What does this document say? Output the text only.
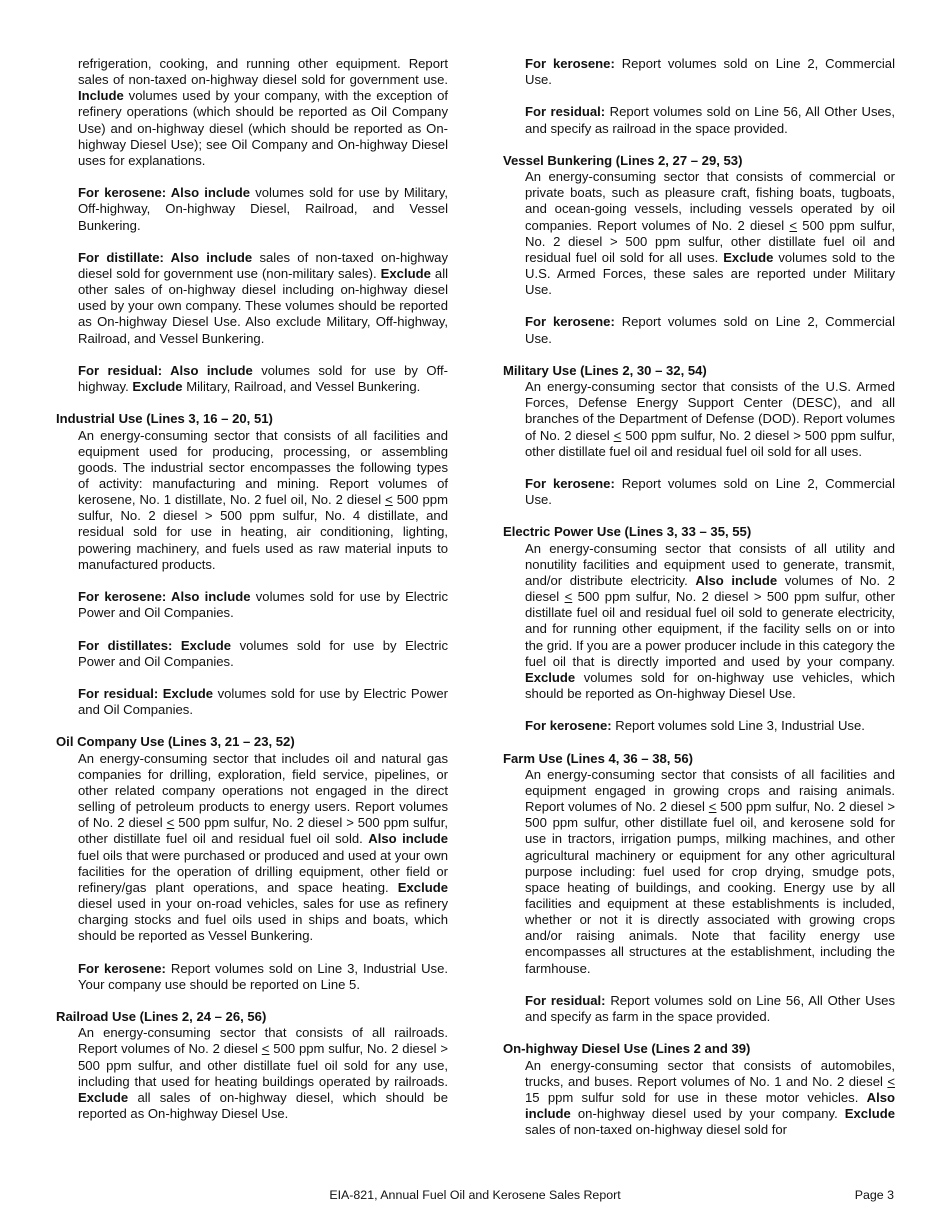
refrigeration, cooking, and running other equipment. Report sales of non-taxed on-highway diesel sold for government use. Include volumes used by your company, with the exception of refinery operations (which should be reported as Oil Company Use) and on-highway diesel (which should be reported as On-highway Diesel Use); see Oil Company and On-highway Diesel uses for explanations.

For kerosene: Also include volumes sold for use by Military, Off-highway, On-highway Diesel, Railroad, and Vessel Bunkering.

For distillate: Also include sales of non-taxed on-highway diesel sold for government use (non-military sales). Exclude all other sales of on-highway diesel including on-highway diesel used by your own company. These volumes should be reported as On-highway Diesel Use. Also exclude Military, Off-highway, Railroad, and Vessel Bunkering.

For residual: Also include volumes sold for use by Off-highway. Exclude Military, Railroad, and Vessel Bunkering.

Industrial Use (Lines 3, 16 – 20, 51)

An energy-consuming sector that consists of all facilities and equipment used for producing, processing, or assembling goods. The industrial sector encompasses the following types of activity: manufacturing and mining. Report volumes of kerosene, No. 1 distillate, No. 2 fuel oil, No. 2 diesel < 500 ppm sulfur, No. 2 diesel > 500 ppm sulfur, No. 4 distillate, and residual sold for use in heating, air conditioning, lighting, powering machinery, and fuels used as raw material inputs to manufactured products.

For kerosene: Also include volumes sold for use by Electric Power and Oil Companies.

For distillates: Exclude volumes sold for use by Electric Power and Oil Companies.

For residual: Exclude volumes sold for use by Electric Power and Oil Companies.

Oil Company Use (Lines 3, 21 – 23, 52)

An energy-consuming sector that includes oil and natural gas companies for drilling, exploration, field service, pipelines, or other related company operations not engaged in the direct selling of petroleum products to energy users. Report volumes of No. 2 diesel < 500 ppm sulfur, No. 2 diesel > 500 ppm sulfur, other distillate fuel oil and residual fuel oil sold. Also include fuel oils that were purchased or produced and used at your own facilities for the operation of drilling equipment, other field or refinery/gas plant operations, and space heating. Exclude diesel used in your on-road vehicles, sales for use as refinery charging stocks and fuel oils used in ships and boats, which should be reported as Vessel Bunkering.

For kerosene: Report volumes sold on Line 3, Industrial Use. Your company use should be reported on Line 5.

Railroad Use (Lines 2, 24 – 26, 56)

An energy-consuming sector that consists of all railroads. Report volumes of No. 2 diesel < 500 ppm sulfur, No. 2 diesel > 500 ppm sulfur, and other distillate fuel oil sold for any use, including that used for heating buildings operated by railroads. Exclude all sales of on-highway diesel, which should be reported as On-highway Diesel Use.

For kerosene: Report volumes sold on Line 2, Commercial Use.

For residual: Report volumes sold on Line 56, All Other Uses, and specify as railroad in the space provided.

Vessel Bunkering (Lines 2, 27 – 29, 53)

An energy-consuming sector that consists of commercial or private boats, such as pleasure craft, fishing boats, tugboats, and ocean-going vessels, including vessels operated by oil companies. Report volumes of No. 2 diesel < 500 ppm sulfur, No. 2 diesel > 500 ppm sulfur, other distillate fuel oil and residual fuel oil sold for all uses. Exclude volumes sold to the U.S. Armed Forces, these sales are reported under Military Use.

For kerosene: Report volumes sold on Line 2, Commercial Use.

Military Use (Lines 2, 30 – 32, 54)

An energy-consuming sector that consists of the U.S. Armed Forces, Defense Energy Support Center (DESC), and all branches of the Department of Defense (DOD). Report volumes of No. 2 diesel < 500 ppm sulfur, No. 2 diesel > 500 ppm sulfur, other distillate fuel oil and residual fuel oil sold for all uses.

For kerosene: Report volumes sold on Line 2, Commercial Use.

Electric Power Use (Lines 3, 33 – 35, 55)

An energy-consuming sector that consists of all utility and nonutility facilities and equipment used to generate, transmit, and/or distribute electricity. Also include volumes of No. 2 diesel < 500 ppm sulfur, No. 2 diesel > 500 ppm sulfur, other distillate fuel oil and residual fuel oil sold to generate electricity, and for running other equipment, if the facility sells on or into the grid. If you are a power producer include in this category the fuel oil that is directly imported and used by your company. Exclude volumes sold for on-highway use vehicles, which should be reported as On-highway Diesel Use.

For kerosene: Report volumes sold Line 3, Industrial Use.

Farm Use (Lines 4, 36 – 38, 56)

An energy-consuming sector that consists of all facilities and equipment engaged in growing crops and raising animals. Report volumes of No. 2 diesel < 500 ppm sulfur, No. 2 diesel > 500 ppm sulfur, other distillate fuel oil, and kerosene sold for use in tractors, irrigation pumps, milking machines, and other agricultural machinery or equipment for any other agricultural purpose including: fuel used for crop drying, smudge pots, space heating of buildings, and cooking. Energy use by all facilities and equipment at these establishments is included, whether or not it is directly associated with growing crops and/or raising animals. Note that facility energy use encompasses all structures at the establishment, including the farmhouse.

For residual: Report volumes sold on Line 56, All Other Uses and specify as farm in the space provided.

On-highway Diesel Use (Lines 2 and 39)

An energy-consuming sector that consists of automobiles, trucks, and buses. Report volumes of No. 1 and No. 2 diesel < 15 ppm sulfur sold for use in these motor vehicles. Also include on-highway diesel used by your company. Exclude sales of non-taxed on-highway diesel sold for

EIA-821, Annual Fuel Oil and Kerosene Sales Report	Page 3
